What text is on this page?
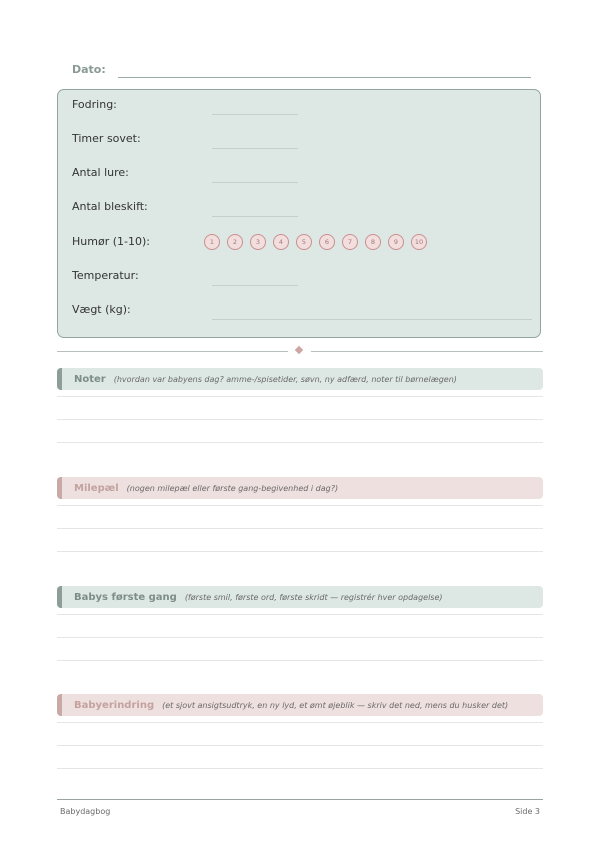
Dato:
Fodring:
Timer sovet:
Antal lure:
Antal bleskift:
Humør (1-10):	1	2	3	4	5	6	7	8	9	10
Temperatur:
Vægt (kg):
Noter (hvordan var babyens dag? amme-/spisetider, søvn, ny adfærd, noter til børnelægen)
Milepæl (nogen milepæl eller første gang-begivenhed i dag?)
Babys første gang (første smil, første ord, første skridt — registrér hver opdagelse)
Babyerindring (et sjovt ansigtsudtryk, en ny lyd, et ømt øjeblik — skriv det ned, mens du husker det)
Babydagbog	Side 3
